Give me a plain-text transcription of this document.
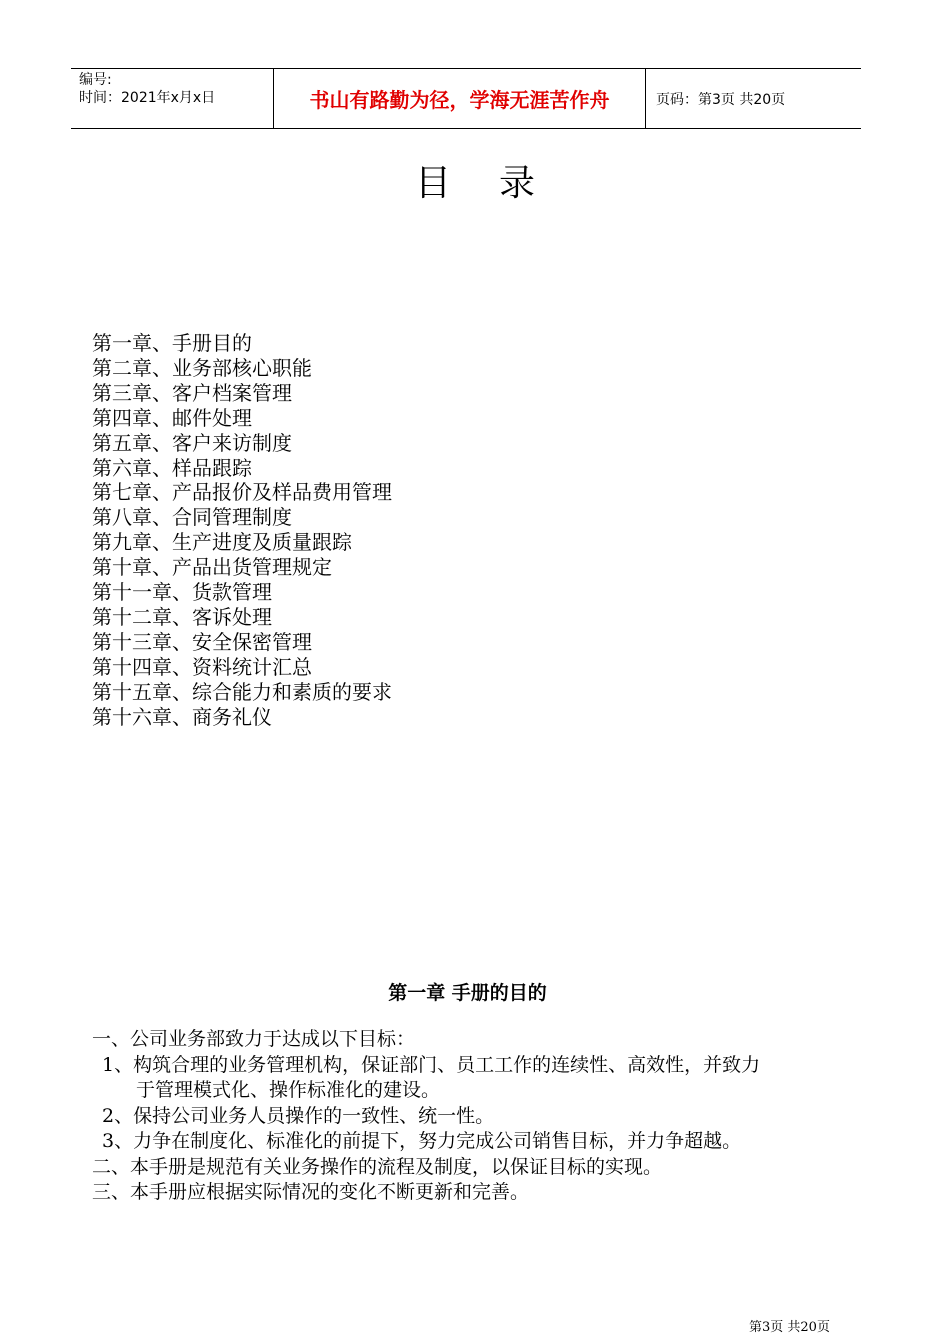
编号:
时间：2021年x月x日	书山有路勤为径，学海无涯苦作舟	页码：第3页 共20页
目录
第一章、手册目的
第二章、业务部核心职能
第三章、客户档案管理
第四章、邮件处理
第五章、客户来访制度
第六章、样品跟踪
第七章、产品报价及样品费用管理
第八章、合同管理制度
第九章、生产进度及质量跟踪
第十章、产品出货管理规定
第十一章、货款管理
第十二章、客诉处理
第十三章、安全保密管理
第十四章、资料统计汇总
第十五章、综合能力和素质的要求
第十六章、商务礼仪
第一章 手册的目的

一、公司业务部致力于达成以下目标：

1、构筑合理的业务管理机构，保证部门、员工工作的连续性、高效性，并致力

于管理模式化、操作标准化的建设。

2、保持公司业务人员操作的一致性、统一性。

3、力争在制度化、标准化的前提下，努力完成公司销售目标，并力争超越。

二、本手册是规范有关业务操作的流程及制度，以保证目标的实现。

三、本手册应根据实际情况的变化不断更新和完善。

第3页 共20页
